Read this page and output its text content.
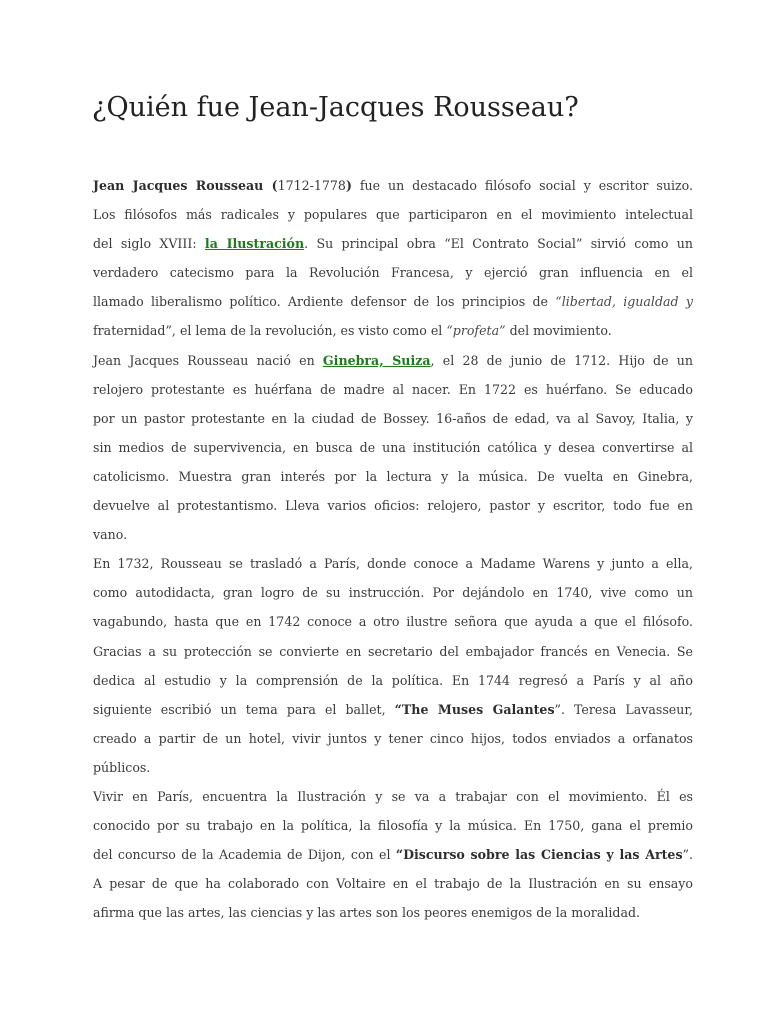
¿Quién fue Jean-Jacques Rousseau?
Jean Jacques Rousseau (1712-1778) fue un destacado filósofo social y escritor suizo.
Los filósofos más radicales y populares que participaron en el movimiento intelectual
del siglo XVIII: la Ilustración. Su principal obra “El Contrato Social” sirvió como un
verdadero catecismo para la Revolución Francesa, y ejerció gran influencia en el
llamado liberalismo político. Ardiente defensor de los principios de “libertad, igualdad y
fraternidad”, el lema de la revolución, es visto como el “profeta” del movimiento.
Jean Jacques Rousseau nació en Ginebra, Suiza, el 28 de junio de 1712. Hijo de un
relojero protestante es huérfana de madre al nacer. En 1722 es huérfano. Se educado
por un pastor protestante en la ciudad de Bossey. 16-años de edad, va al Savoy, Italia, y
sin medios de supervivencia, en busca de una institución católica y desea convertirse al
catolicismo. Muestra gran interés por la lectura y la música. De vuelta en Ginebra,
devuelve al protestantismo. Lleva varios oficios: relojero, pastor y escritor, todo fue en
vano.
En 1732, Rousseau se trasladó a París, donde conoce a Madame Warens y junto a ella,
como autodidacta, gran logro de su instrucción. Por dejándolo en 1740, vive como un
vagabundo, hasta que en 1742 conoce a otro ilustre señora que ayuda a que el filósofo.
Gracias a su protección se convierte en secretario del embajador francés en Venecia. Se
dedica al estudio y la comprensión de la política. En 1744 regresó a París y al año
siguiente escribió un tema para el ballet, “The Muses Galantes”. Teresa Lavasseur,
creado a partir de un hotel, vivir juntos y tener cinco hijos, todos enviados a orfanatos
públicos.
Vivir en París, encuentra la Ilustración y se va a trabajar con el movimiento. Él es
conocido por su trabajo en la política, la filosofía y la música. En 1750, gana el premio
del concurso de la Academia de Dijon, con el “Discurso sobre las Ciencias y las Artes”.
A pesar de que ha colaborado con Voltaire en el trabajo de la Ilustración en su ensayo
afirma que las artes, las ciencias y las artes son los peores enemigos de la moralidad.
